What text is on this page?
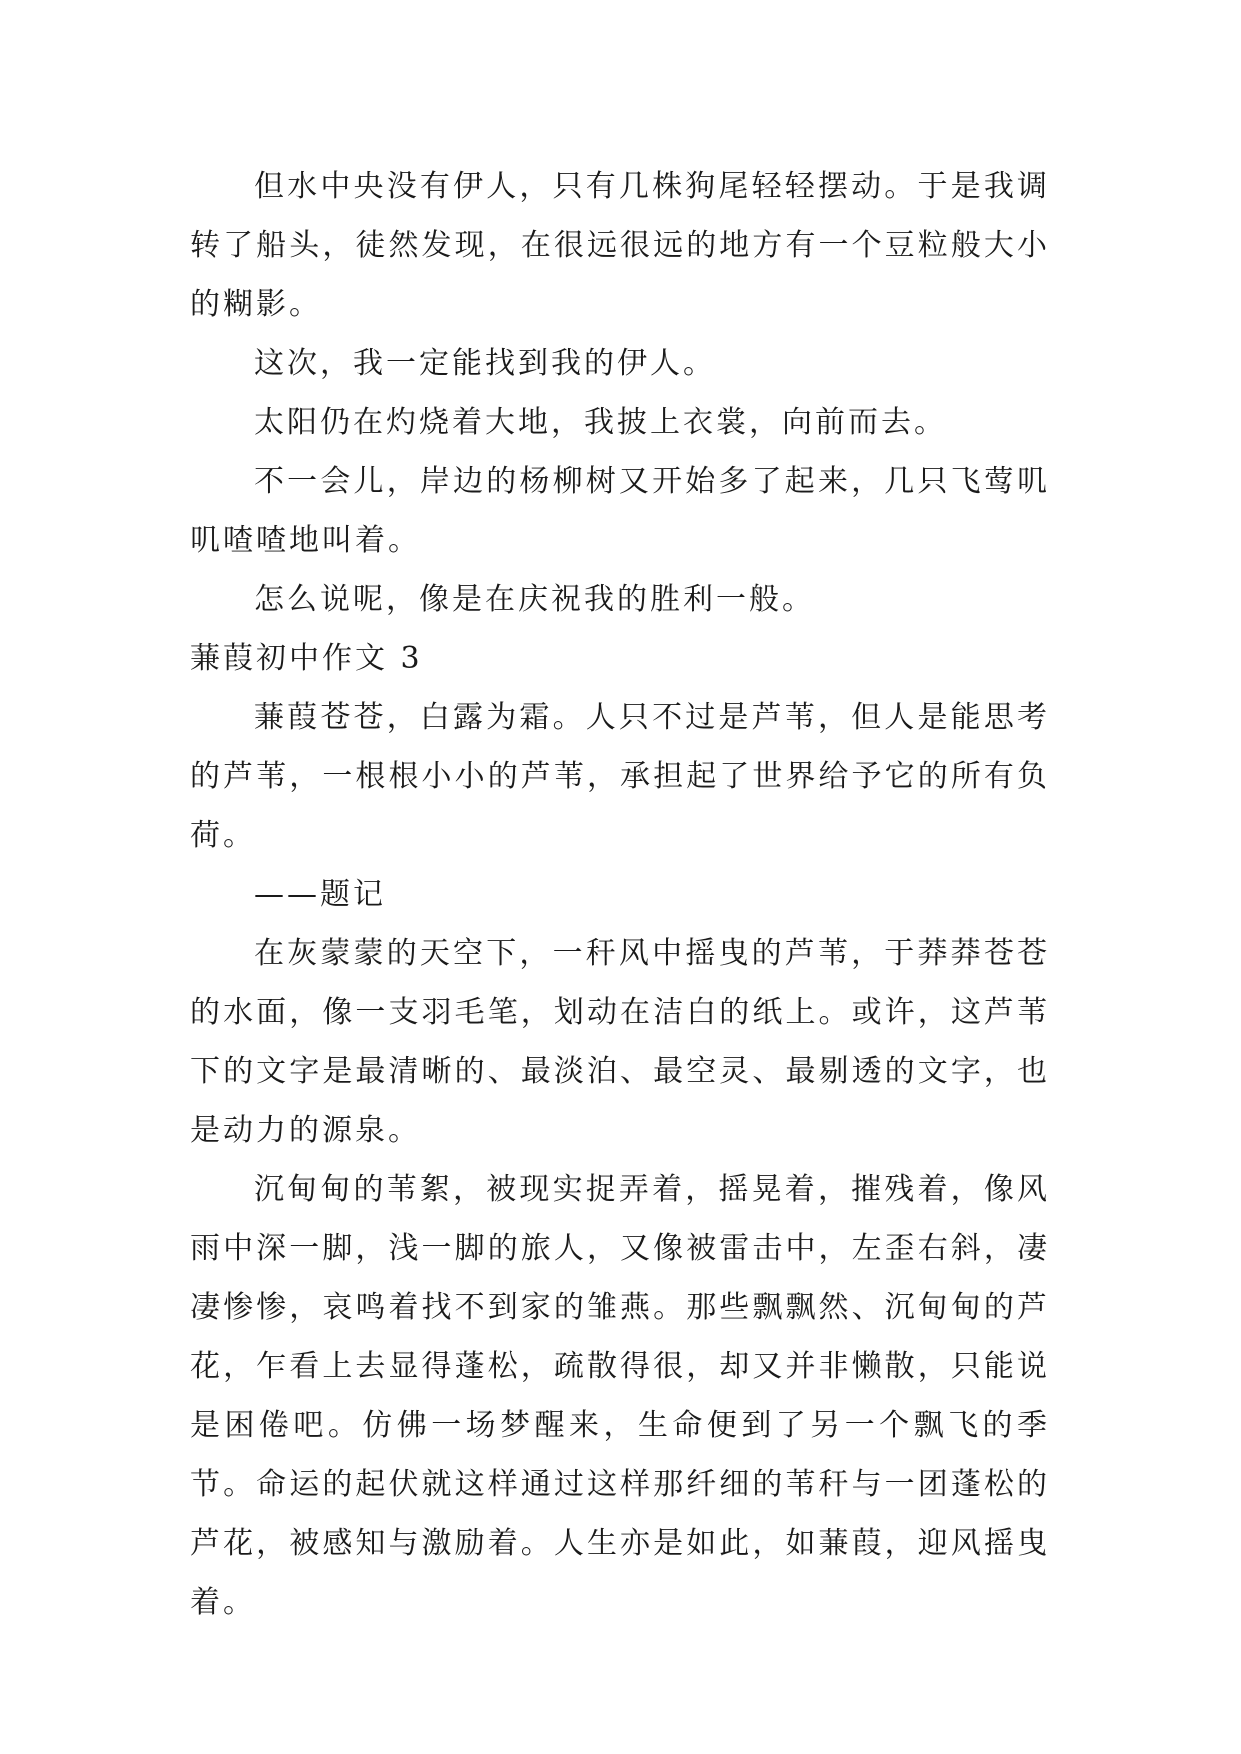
但水中央没有伊人，只有几株狗尾轻轻摆动。于是我调转了船头，徒然发现，在很远很远的地方有一个豆粒般大小的糊影。

这次，我一定能找到我的伊人。

太阳仍在灼烧着大地，我披上衣裳，向前而去。

不一会儿，岸边的杨柳树又开始多了起来，几只飞莺叽叽喳喳地叫着。

怎么说呢，像是在庆祝我的胜利一般。

蒹葭初中作文 3

蒹葭苍苍，白露为霜。人只不过是芦苇，但人是能思考的芦苇，一根根小小的芦苇，承担起了世界给予它的所有负荷。

——题记

在灰蒙蒙的天空下，一秆风中摇曳的芦苇，于莽莽苍苍的水面，像一支羽毛笔，划动在洁白的纸上。或许，这芦苇下的文字是最清晰的、最淡泊、最空灵、最剔透的文字，也是动力的源泉。

沉甸甸的苇絮，被现实捉弄着，摇晃着，摧残着，像风雨中深一脚，浅一脚的旅人，又像被雷击中，左歪右斜，凄凄惨惨，哀鸣着找不到家的雏燕。那些飘飘然、沉甸甸的芦花，乍看上去显得蓬松，疏散得很，却又并非懒散，只能说是困倦吧。仿佛一场梦醒来，生命便到了另一个飘飞的季节。命运的起伏就这样通过这样那纤细的苇秆与一团蓬松的芦花，被感知与激励着。人生亦是如此，如蒹葭，迎风摇曳着。
